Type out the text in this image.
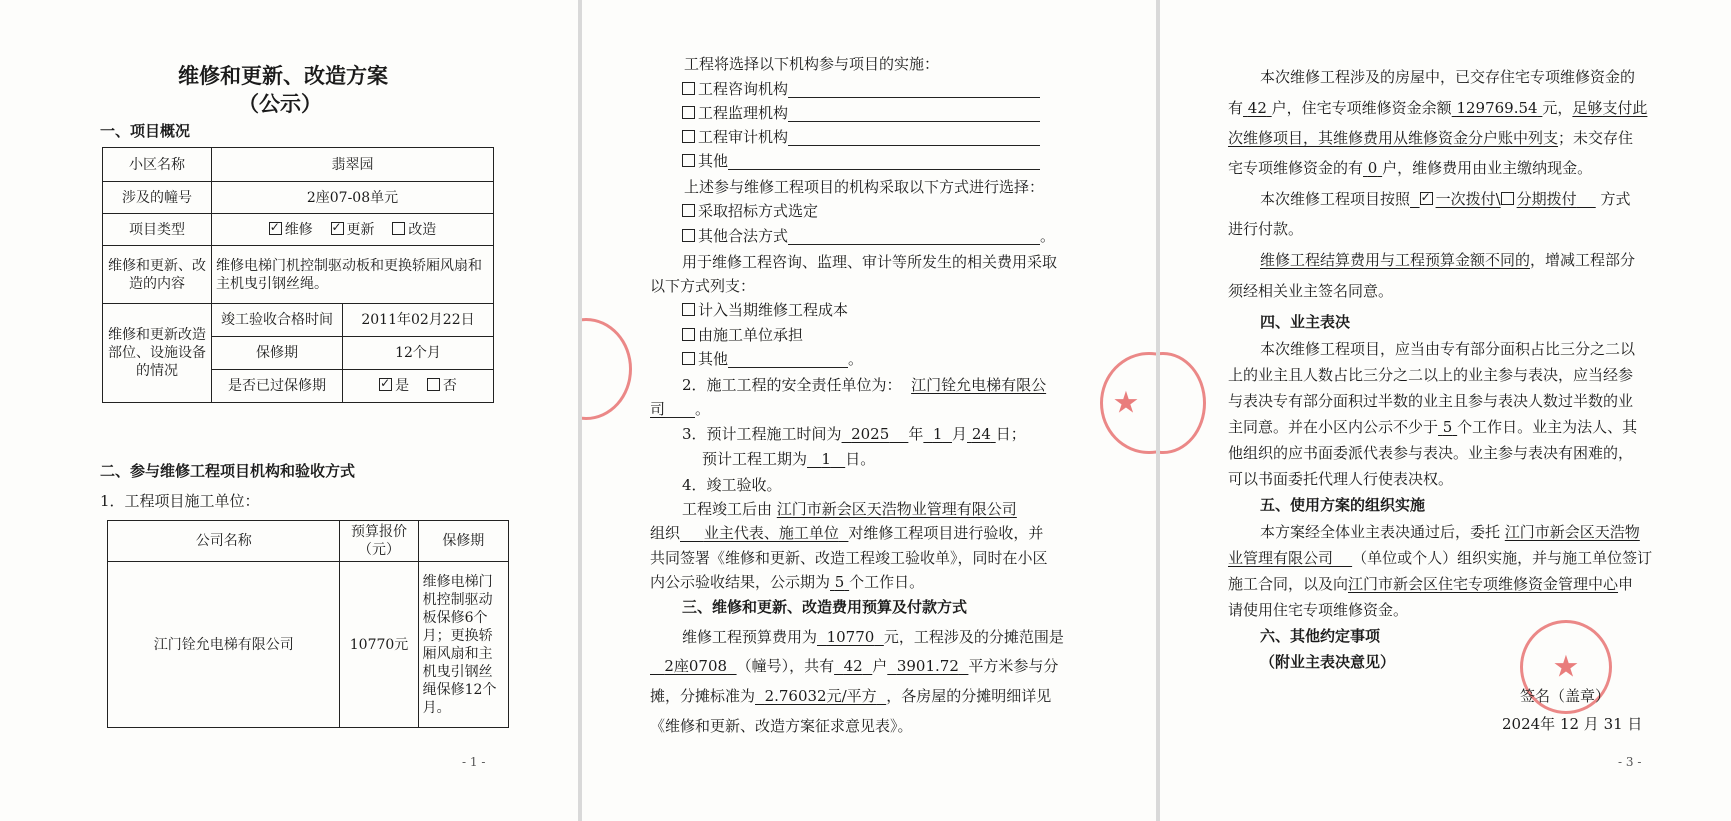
维修和更新、改造方案
（公示）
一、项目概况
小区名称	翡翠园	
涉及的幢号	2座07-08单元	
项目类型	✓维修 ✓ 更新 改造
维修和更新、改造的内容	维修电梯门机控制驱动板和更换轿厢风扇和主机曳引钢丝绳。	
维修和更新改造部位、设施设备的情况	竣工验收合格时间	2011年02月22日
	保修期	12个月
	是否已过保修期	✓是 否
二、参与维修工程项目机构和验收方式
1．工程项目施工单位：
公司名称	预算报价（元）	保修期
江门铨允电梯有限公司	10770元	维修电梯门机控制驱动板保修6个月；更换轿厢风扇和主机曳引钢丝绳保修12个月。
- 1 -
★
工程将选择以下机构参与项目的实施：
工程咨询机构
工程监理机构
工程审计机构
其他
上述参与维修工程项目的机构采取以下方式进行选择：
采取招标方式选定
其他合法方式	。
用于维修工程咨询、监理、审计等所发生的相关费用采取
以下方式列支：
计入当期维修工程成本
由施工单位承担
其他	。
2．施工工程的安全责任单位为： 江门铨允电梯有限公
司 。
3．预计工程施工时间为 2025 年 1 月 24 日；
预计工程工期为 1 日。
4．竣工验收。
工程竣工后由 江门市新会区天浩物业管理有限公司
组织 业主代表、施工单位 对维修工程项目进行验收，并
共同签署《维修和更新、改造工程竣工验收单》，同时在小区
内公示验收结果，公示期为 5 个工作日。
三、维修和更新、改造费用预算及付款方式
维修工程预算费用为 10770 元，工程涉及的分摊范围是
2座0708 （幢号），共有 42 户 3901.72 平方米参与分
摊，分摊标准为 2.76032元/平方 ，各房屋的分摊明细详见
《维修和更新、改造方案征求意见表》。
★
本次维修工程涉及的房屋中，已交存住宅专项维修资金的
有 42 户，住宅专项维修资金余额 129769.54 元，足够支付此
次维修项目，其维修费用从维修资金分户账中列支；未交存住
宅专项维修资金的有 0 户，维修费用由业主缴纳现金。
本次维修工程项目按照 ✓ 一次拨付\ 分期拨付 方式
进行付款。
维修工程结算费用与工程预算金额不同的，增减工程部分
须经相关业主签名同意。
四、业主表决
本次维修工程项目，应当由专有部分面积占比三分之二以
上的业主且人数占比三分之二以上的业主参与表决，应当经参
与表决专有部分面积过半数的业主且参与表决人数过半数的业
主同意。并在小区内公示不少于 5 个工作日。业主为法人、其
他组织的应书面委派代表参与表决。业主参与表决有困难的，
可以书面委托代理人行使表决权。
五、使用方案的组织实施
本方案经全体业主表决通过后，委托 江门市新会区天浩物
业管理有限公司 （单位或个人）组织实施，并与施工单位签订
施工合同，以及向江门市新会区住宅专项维修资金管理中心申
请使用住宅专项维修资金。
六、其他约定事项
（附业主表决意见）
签名（盖章）
2024年 12 月 31 日
- 3 -
